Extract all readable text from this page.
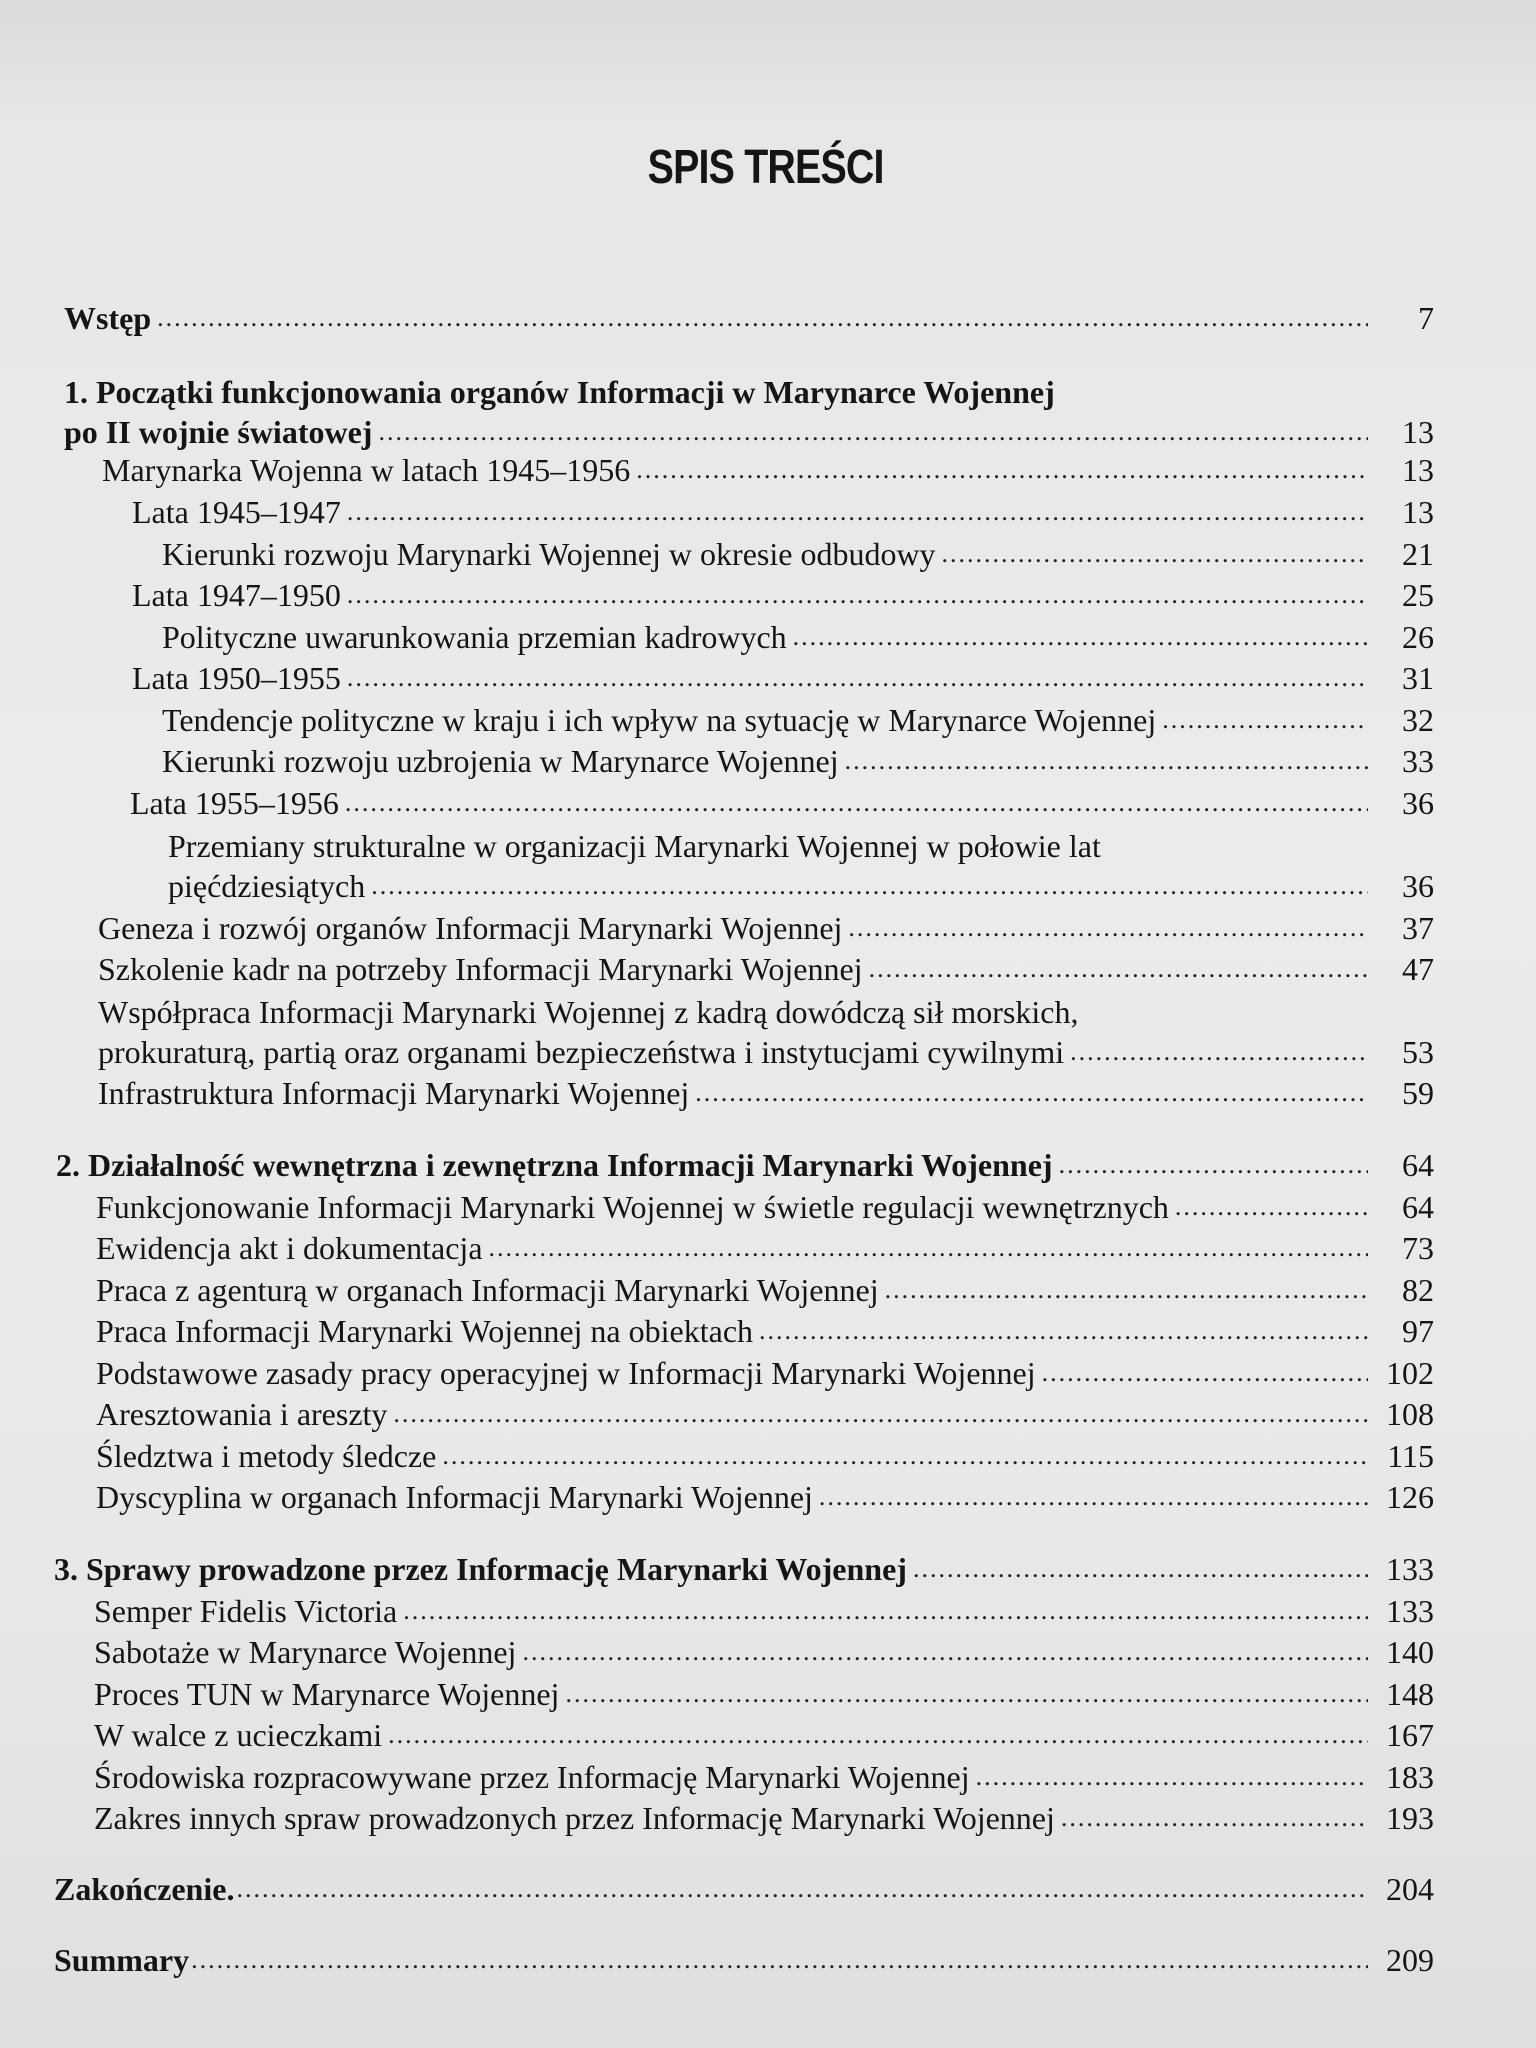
SPIS TREŚCI
Wstęp .....	7
1. Początki funkcjonowania organów Informacji w Marynarce Wojennej
po II wojnie światowej .....	13
Marynarka Wojenna w latach 1945–1956 .....	13
Lata 1945–1947 .....	13
Kierunki rozwoju Marynarki Wojennej w okresie odbudowy .....	21
Lata 1947–1950 .....	25
Polityczne uwarunkowania przemian kadrowych .....	26
Lata 1950–1955 .....	31
Tendencje polityczne w kraju i ich wpływ na sytuację w Marynarce Wojennej .....	32
Kierunki rozwoju uzbrojenia w Marynarce Wojennej .....	33
Lata 1955–1956 .....	36
Przemiany strukturalne w organizacji Marynarki Wojennej w połowie lat
pięćdziesiątych .....	36
Geneza i rozwój organów Informacji Marynarki Wojennej .....	37
Szkolenie kadr na potrzeby Informacji Marynarki Wojennej .....	47
Współpraca Informacji Marynarki Wojennej z kadrą dowódczą sił morskich,
prokuraturą, partią oraz organami bezpieczeństwa i instytucjami cywilnymi .....	53
Infrastruktura Informacji Marynarki Wojennej .....	59
2. Działalność wewnętrzna i zewnętrzna Informacji Marynarki Wojennej .....	64
Funkcjonowanie Informacji Marynarki Wojennej w świetle regulacji wewnętrznych .....	64
Ewidencja akt i dokumentacja .....	73
Praca z agenturą w organach Informacji Marynarki Wojennej .....	82
Praca Informacji Marynarki Wojennej na obiektach .....	97
Podstawowe zasady pracy operacyjnej w Informacji Marynarki Wojennej .....	102
Aresztowania i areszty .....	108
Śledztwa i metody śledcze .....	115
Dyscyplina w organach Informacji Marynarki Wojennej .....	126
3. Sprawy prowadzone przez Informację Marynarki Wojennej .....	133
Semper Fidelis Victoria .....	133
Sabotaże w Marynarce Wojennej .....	140
Proces TUN w Marynarce Wojennej .....	148
W walce z ucieczkami .....	167
Środowiska rozpracowywane przez Informację Marynarki Wojennej .....	183
Zakres innych spraw prowadzonych przez Informację Marynarki Wojennej .....	193
Zakończenie. .....	204
Summary .....	209
